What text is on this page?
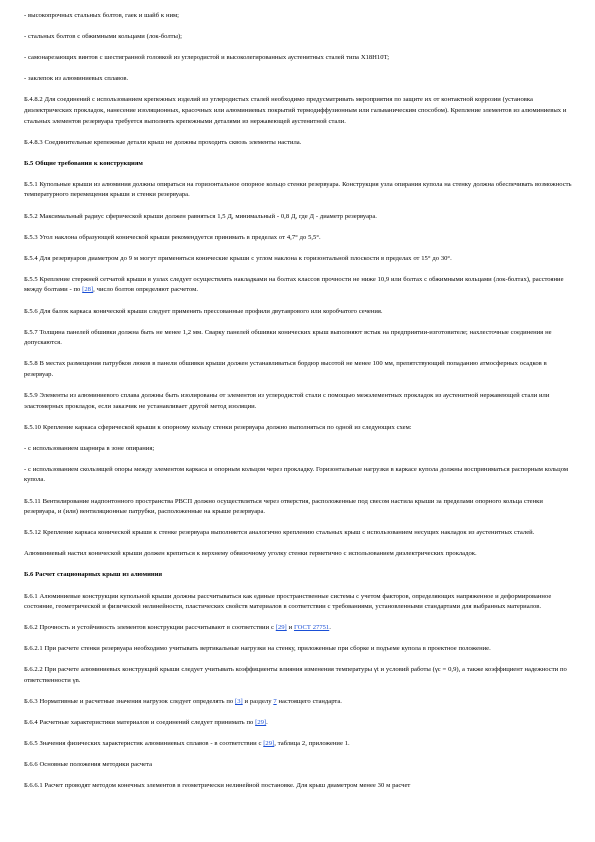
- высокопрочных стальных болтов, гаек и шайб к ним;

- стальных болтов с обжимными кольцами (лок-болты);

- самонарезающих винтов с шестигранной головкой из углеродистой и высоколегированных аустенитных сталей типа X18H10T;

- заклепок из алюминиевых сплавов.

Б.4.8.2 Для соединений с использованием крепежных изделий из углеродистых сталей необходимо предусматривать мероприятия по защите их от контактной коррозии (установка диэлектрических прокладок, нанесение изоляционных, красочных или алюминиевых покрытий термодиффузионным или гальваническим способом). Крепление элементов из алюминиевых и стальных элементов резервуара требуется выполнять крепежными деталями из нержавеющей аустенитной стали.

Б.4.8.3 Соединительные крепежные детали крыш не должны проходить сквозь элементы настила.

Б.5 Общие требования к конструкциям

Б.5.1 Купольные крыши из алюминия должны опираться на горизонтальное опорное кольцо стенки резервуара. Конструкция узла опирания купола на стенку должна обеспечивать возможность температурного перемещения крыши и стенки резервуара.

Б.5.2 Максимальный радиус сферической крыши должен равняться 1,5 Д, минимальный - 0,8 Д, где Д - диаметр резервуара.

Б.5.3 Угол наклона образующей конической крыши рекомендуется принимать в пределах от 4,7° до 5,5°.

Б.5.4 Для резервуаров диаметром до 9 м могут применяться конические крыши с углом наклона к горизонтальной плоскости в пределах от 15° до 30°.

Б.5.5 Крепление стержней сетчатой крыши в узлах следует осуществлять накладками на болтах классов прочности не ниже 10,9 или болтах с обжимными кольцами (лок-болтах), расстояние между болтами - по [28], число болтов определяют расчетом.

Б.5.6 Для балок каркаса конической крыши следует применять прессованные профили двутаврового или коробчатого сечения.

Б.5.7 Толщина панелей обшивки должна быть не менее 1,2 мм. Сварку панелей обшивки конических крыш выполняют встык на предприятии-изготовителе; нахлесточные соединения не допускаются.

Б.5.8 В местах размещения патрубков люков в панели обшивки крыши должен устанавливаться бордюр высотой не менее 100 мм, препятствующий попаданию атмосферных осадков в резервуар.

Б.5.9 Элементы из алюминиевого сплава должны быть изолированы от элементов из углеродистой стали с помощью межэлементных прокладок из аустенитной нержавеющей стали или эластомерных прокладок, если заказчик не устанавливает другой метод изоляции.

Б.5.10 Крепление каркаса сферической крыши к опорному кольцу стенки резервуара должно выполняться по одной из следующих схем:

- с использованием шарнира в зоне опирания;

- с использованием скользящей опоры между элементом каркаса и опорным кольцом через прокладку. Горизонтальные нагрузки в каркасе купола должны восприниматься распорным кольцом купола.

Б.5.11 Вентилирование надпонтонного пространства РВСП должно осуществляться через отверстия, расположенные под свесом настила крыши за пределами опорного кольца стенки резервуара, и (или) вентиляционные патрубки, расположенные на крыше резервуара.

Б.5.12 Крепление каркаса конической крыши к стенке резервуара выполняется аналогично креплению стальных крыш с использованием несущих накладок из аустенитных сталей.

Алюминиевый настил конической крыши должен крепиться к верхнему обвязочному уголку стенки герметично с использованием диэлектрических прокладок.

Б.6 Расчет стационарных крыш из алюминия

Б.6.1 Алюминиевые конструкции купольной крыши должны рассчитываться как единые пространственные системы с учетом факторов, определяющих напряженное и деформированное состояние, геометрической и физической нелинейности, пластических свойств материалов в соответствии с требованиями, установленными стандартами для выбранных материалов.

Б.6.2 Прочность и устойчивость элементов конструкции рассчитывают в соответствии с [29] и ГОСТ 27751.

Б.6.2.1 При расчете стенки резервуара необходимо учитывать вертикальные нагрузки на стенку, приложенные при сборке и подъеме купола в проектное положение.

Б.6.2.2 При расчете алюминиевых конструкций крыши следует учитывать коэффициенты влияния изменения температуры γt и условий работы (γс = 0,9), а также коэффициент надежности по ответственности γn.

Б.6.3 Нормативные и расчетные значения нагрузок следует определять по [3] и разделу 7 настоящего стандарта.

Б.6.4 Расчетные характеристики материалов и соединений следует принимать по [29].

Б.6.5 Значения физических характеристик алюминиевых сплавов - в соответствии с [29], таблица 2, приложение 1.

Б.6.6 Основные положения методики расчета

Б.6.6.1 Расчет проводят методом конечных элементов в геометрически нелинейной постановке. Для крыш диаметром менее 30 м расчет
